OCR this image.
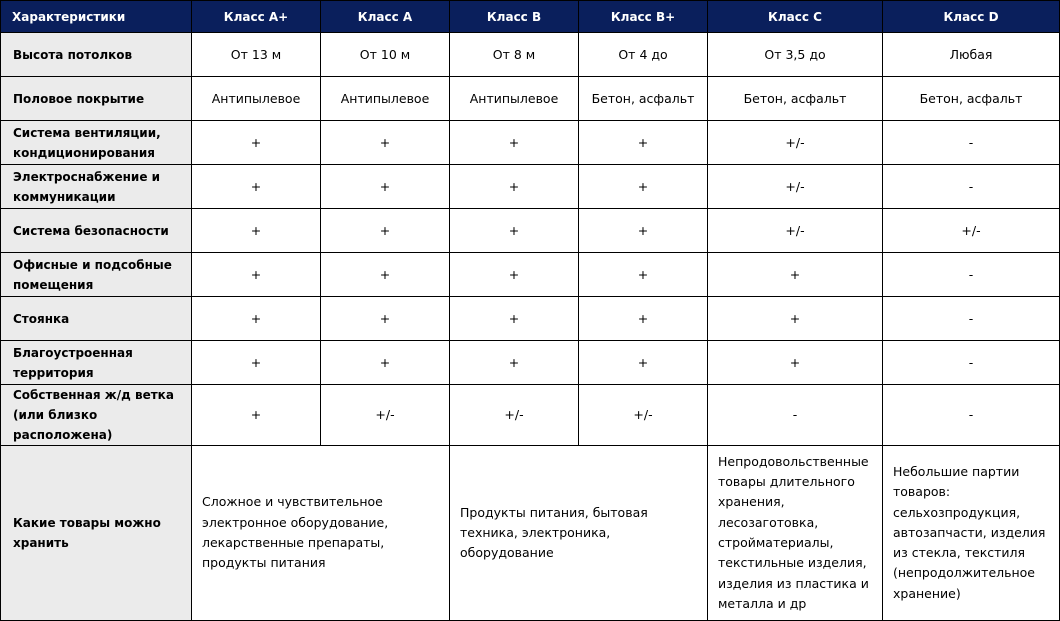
Характеристики	Класс A+	Класс A	Класс B	Класс B+	Класс C	Класс D
Высота потолков	От 13 м	От 10 м	От 8 м	От 4 до	От 3,5 до	Любая
Половое покрытие	Антипылевое	Антипылевое	Антипылевое	Бетон, асфальт	Бетон, асфальт	Бетон, асфальт
Система вентиляции, кондиционирования	+	+	+	+	+/-	-
Электроснабжение и коммуникации	+	+	+	+	+/-	-
Система безопасности	+	+	+	+	+/-	+/-
Офисные и подсобные помещения	+	+	+	+	+	-
Стоянка	+	+	+	+	+	-
Благоустроенная территория	+	+	+	+	+	-
Собственная ж/д ветка (или близко расположена)	+	+/-	+/-	+/-	-	-
Какие товары можно хранить	Сложное и чувствительное электронное оборудование, лекарственные препараты, продукты питания		Продукты питания, бытовая техника, электроника, оборудование		Непродовольственные товары длительного хранения, лесозаготовка, стройматериалы, текстильные изделия, изделия из пластика и металла и др	Небольшие партии товаров: сельхозпродукция, автозапчасти, изделия из стекла, текстиля (непродолжительное хранение)
